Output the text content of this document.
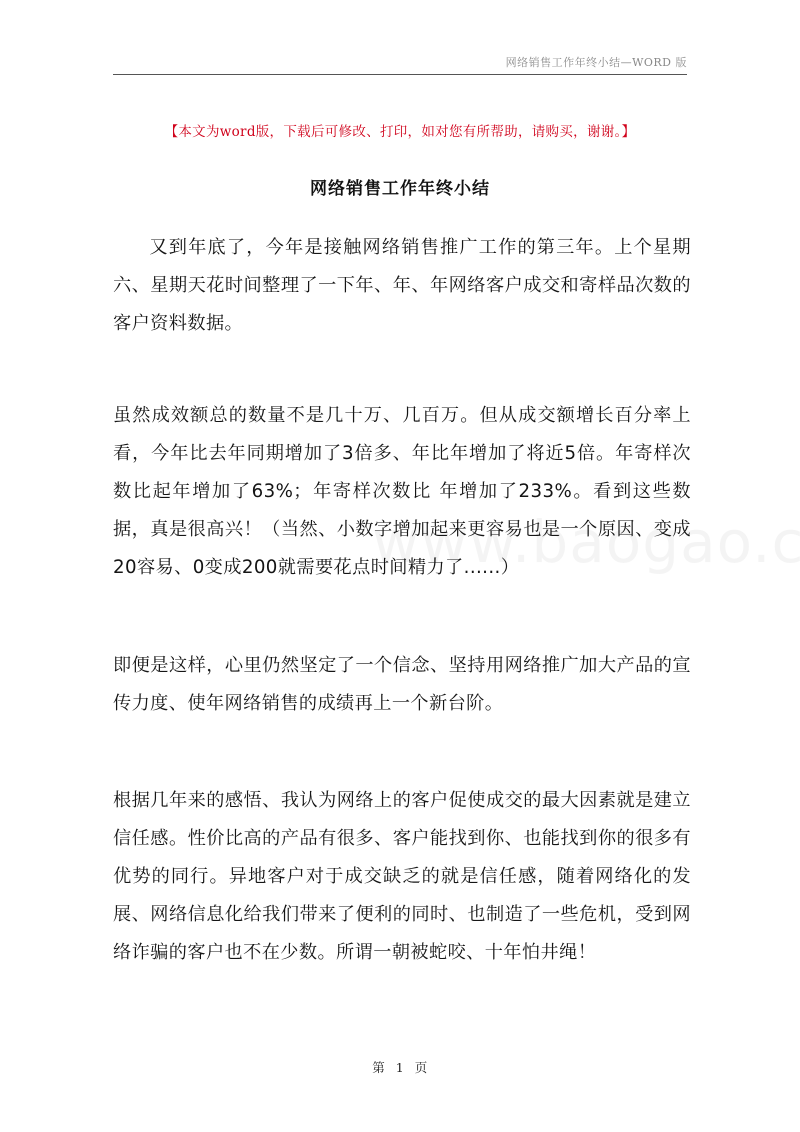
网络销售工作年终小结—WORD 版
【本文为word版，下载后可修改、打印，如对您有所帮助，请购买，谢谢。】
网络销售工作年终小结

又到年底了，今年是接触网络销售推广工作的第三年。上个星期六、星期天花时间整理了一下年、年、年网络客户成交和寄样品次数的客户资料数据。

虽然成效额总的数量不是几十万、几百万。但从成交额增长百分率上看，今年比去年同期增加了3倍多、年比年增加了将近5倍。年寄样次数比起年增加了63%；年寄样次数比 年增加了233%。看到这些数据，真是很高兴！（当然、小数字增加起来更容易也是一个原因、变成20容易、0变成200就需要花点时间精力了......）

即便是这样，心里仍然坚定了一个信念、坚持用网络推广加大产品的宣传力度、使年网络销售的成绩再上一个新台阶。

根据几年来的感悟、我认为网络上的客户促使成交的最大因素就是建立信任感。性价比高的产品有很多、客户能找到你、也能找到你的很多有优势的同行。异地客户对于成交缺乏的就是信任感，随着网络化的发展、网络信息化给我们带来了便利的同时、也制造了一些危机，受到网络诈骗的客户也不在少数。所谓一朝被蛇咬、十年怕井绳！

第 1 页
